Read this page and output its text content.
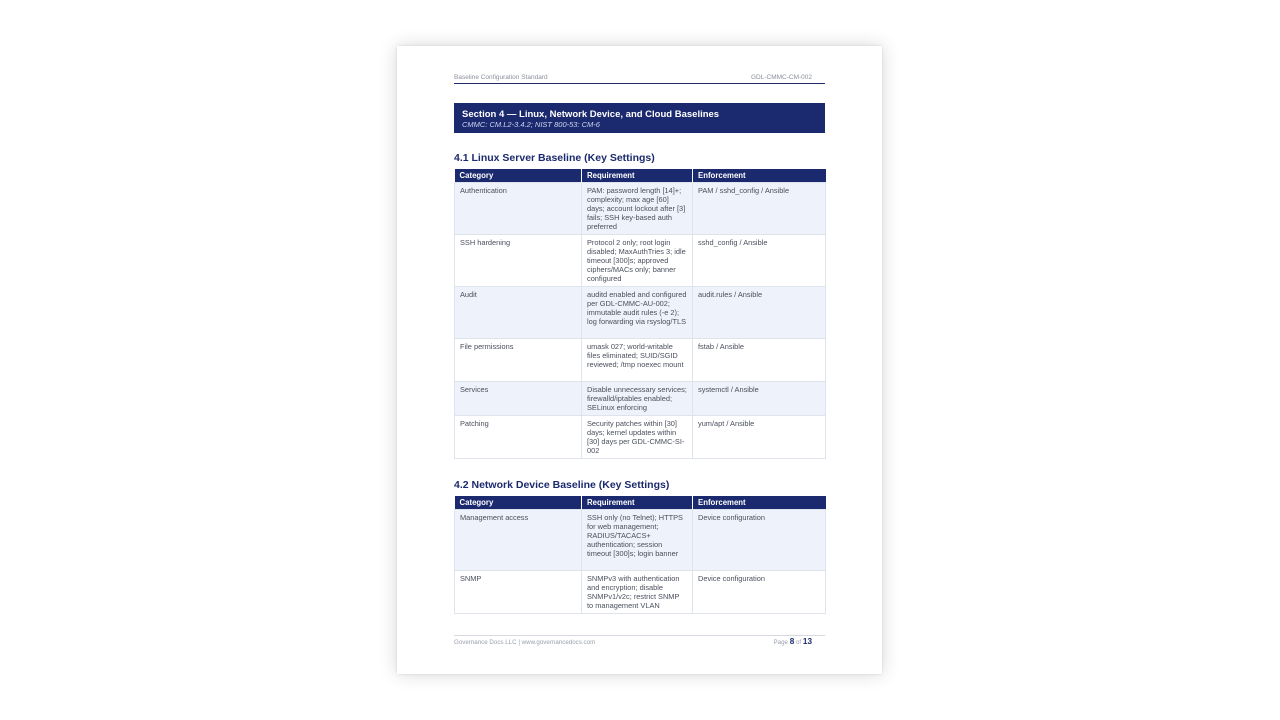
Baseline Configuration Standard	GDL-CMMC-CM-002
Section 4 — Linux, Network Device, and Cloud Baselines
CMMC: CM.L2-3.4.2; NIST 800-53: CM-6
4.1 Linux Server Baseline (Key Settings)
Category	Requirement	Enforcement
Authentication	PAM: password length [14]+; complexity; max age [60] days; account lockout after [3] fails; SSH key-based auth preferred	PAM / sshd_config / Ansible
SSH hardening	Protocol 2 only; root login disabled; MaxAuthTries 3; idle timeout [300]s; approved ciphers/MACs only; banner configured	sshd_config / Ansible
Audit	auditd enabled and configured per GDL-CMMC-AU-002; immutable audit rules (-e 2); log forwarding via rsyslog/TLS	audit.rules / Ansible
File permissions	umask 027; world-writable files eliminated; SUID/SGID reviewed; /tmp noexec mount	fstab / Ansible
Services	Disable unnecessary services; firewalld/iptables enabled; SELinux enforcing	systemctl / Ansible
Patching	Security patches within [30] days; kernel updates within [30] days per GDL-CMMC-SI-002	yum/apt / Ansible
4.2 Network Device Baseline (Key Settings)
Category	Requirement	Enforcement
Management access	SSH only (no Telnet); HTTPS for web management; RADIUS/TACACS+ authentication; session timeout [300]s; login banner	Device configuration
SNMP	SNMPv3 with authentication and encryption; disable SNMPv1/v2c; restrict SNMP to management VLAN	Device configuration
Governance Docs LLC | www.governancedocs.com	Page 8 of 13
